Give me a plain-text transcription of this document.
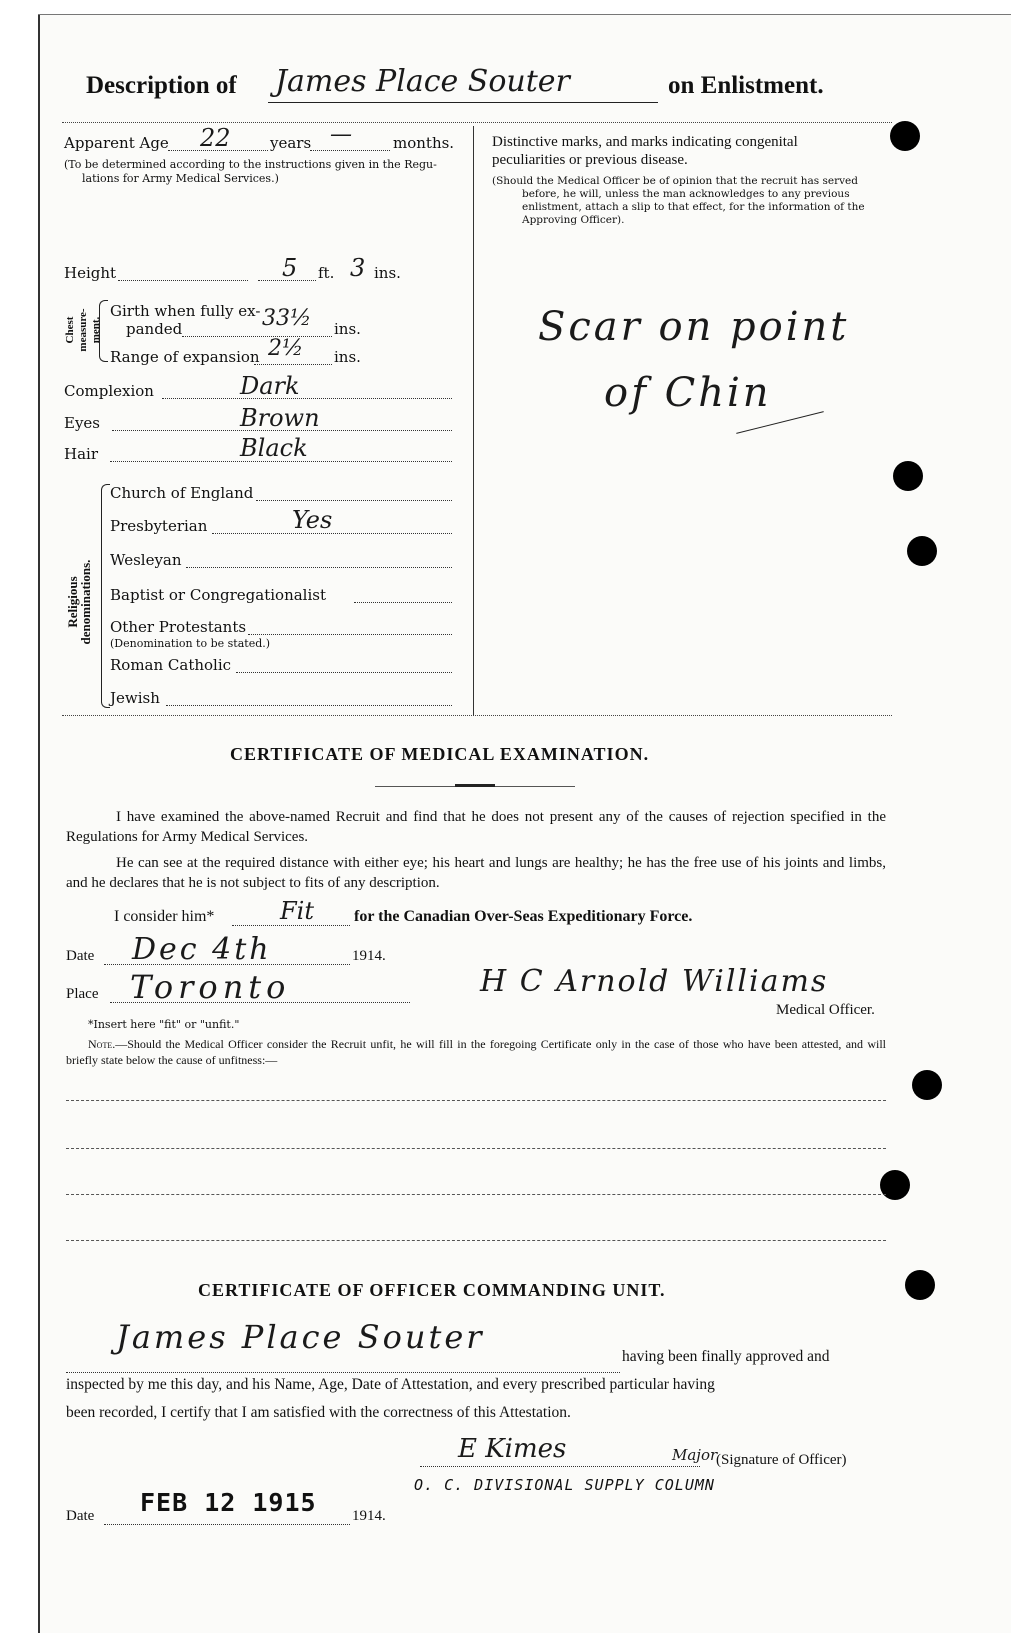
Description of James Place Souter	on Enlistment.
Apparent Age 22	years —	months.
(To be determined according to the instructions given in the Regu-
lations for Army Medical Services.)
Height	5 ft. 3 ins.
Chest measure- ment.
Girth when fully ex-
panded	33½ ins.
Range of expansion 2½ ins.
Complexion	Dark
Eyes	Brown
Hair	Black
Religious
denominations.
Church of England
Presbyterian	Yes
Wesleyan
Baptist or Congregationalist
Other Protestants
(Denomination to be stated.)
Roman Catholic
Jewish
Distinctive marks, and marks indicating congenital
peculiarities or previous disease.
(Should the Medical Officer be of opinion that the recruit has served
before, he will, unless the man acknowledges to any previous
enlistment, attach a slip to that effect, for the information of the
Approving Officer).
Scar on point
of Chin
CERTIFICATE OF MEDICAL EXAMINATION.
I have examined the above-named Recruit and find that he does not present any of the causes of rejection specified in the Regulations for Army Medical Services.
He can see at the required distance with either eye; his heart and lungs are healthy; he has the free use of his joints and limbs, and he declares that he is not subject to fits of any description.
I consider him*	Fit	for the Canadian Over-Seas Expeditionary Force.
Date Dec 4th	1914.
Place Toronto	H C Arnold Williams
Medical Officer.
*Insert here "fit" or "unfit."
Note.—Should the Medical Officer consider the Recruit unfit, he will fill in the foregoing Certificate only in the case of those who have been attested, and will briefly state below the cause of unfitness:—
CERTIFICATE OF OFFICER COMMANDING UNIT.
James Place Souter
having been finally approved and
inspected by me this day, and his Name, Age, Date of Attestation, and every prescribed particular having
been recorded, I certify that I am satisfied with the correctness of this Attestation.
E Kimes	Major
(Signature of Officer)
O. C. DIVISIONAL SUPPLY COLUMN
Date FEB 12 1915 1914.
